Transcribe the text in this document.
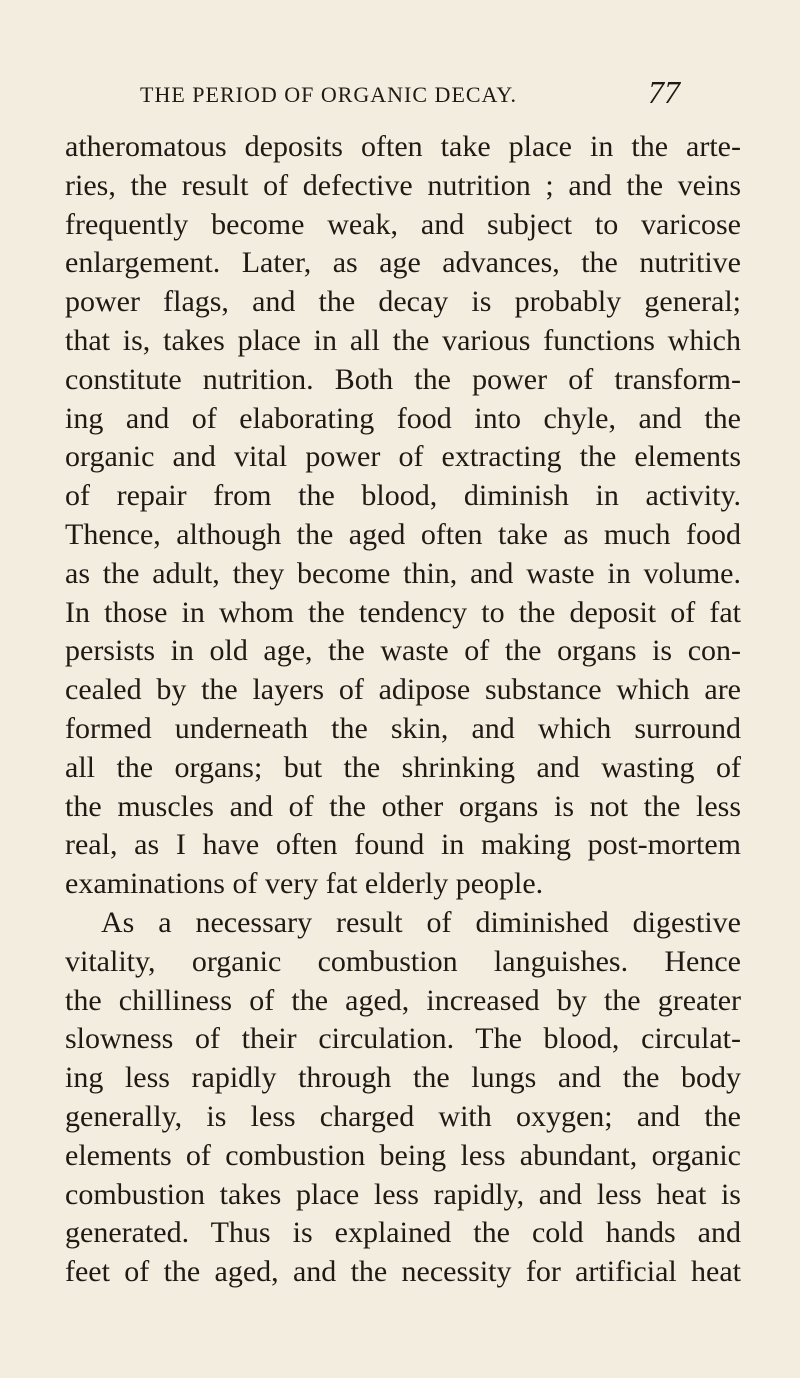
THE PERIOD OF ORGANIC DECAY.	77
atheromatous deposits often take place in the arte-
ries, the result of defective nutrition ; and the veins
frequently become weak, and subject to varicose
enlargement. Later, as age advances, the nutritive
power flags, and the decay is probably general;
that is, takes place in all the various functions which
constitute nutrition. Both the power of transform-
ing and of elaborating food into chyle, and the
organic and vital power of extracting the elements
of repair from the blood, diminish in activity.
Thence, although the aged often take as much food
as the adult, they become thin, and waste in volume.
In those in whom the tendency to the deposit of fat
persists in old age, the waste of the organs is con-
cealed by the layers of adipose substance which are
formed underneath the skin, and which surround
all the organs; but the shrinking and wasting of
the muscles and of the other organs is not the less
real, as I have often found in making post-mortem
examinations of very fat elderly people.
As a necessary result of diminished digestive
vitality, organic combustion languishes. Hence
the chilliness of the aged, increased by the greater
slowness of their circulation. The blood, circulat-
ing less rapidly through the lungs and the body
generally, is less charged with oxygen; and the
elements of combustion being less abundant, organic
combustion takes place less rapidly, and less heat is
generated. Thus is explained the cold hands and
feet of the aged, and the necessity for artificial heat
